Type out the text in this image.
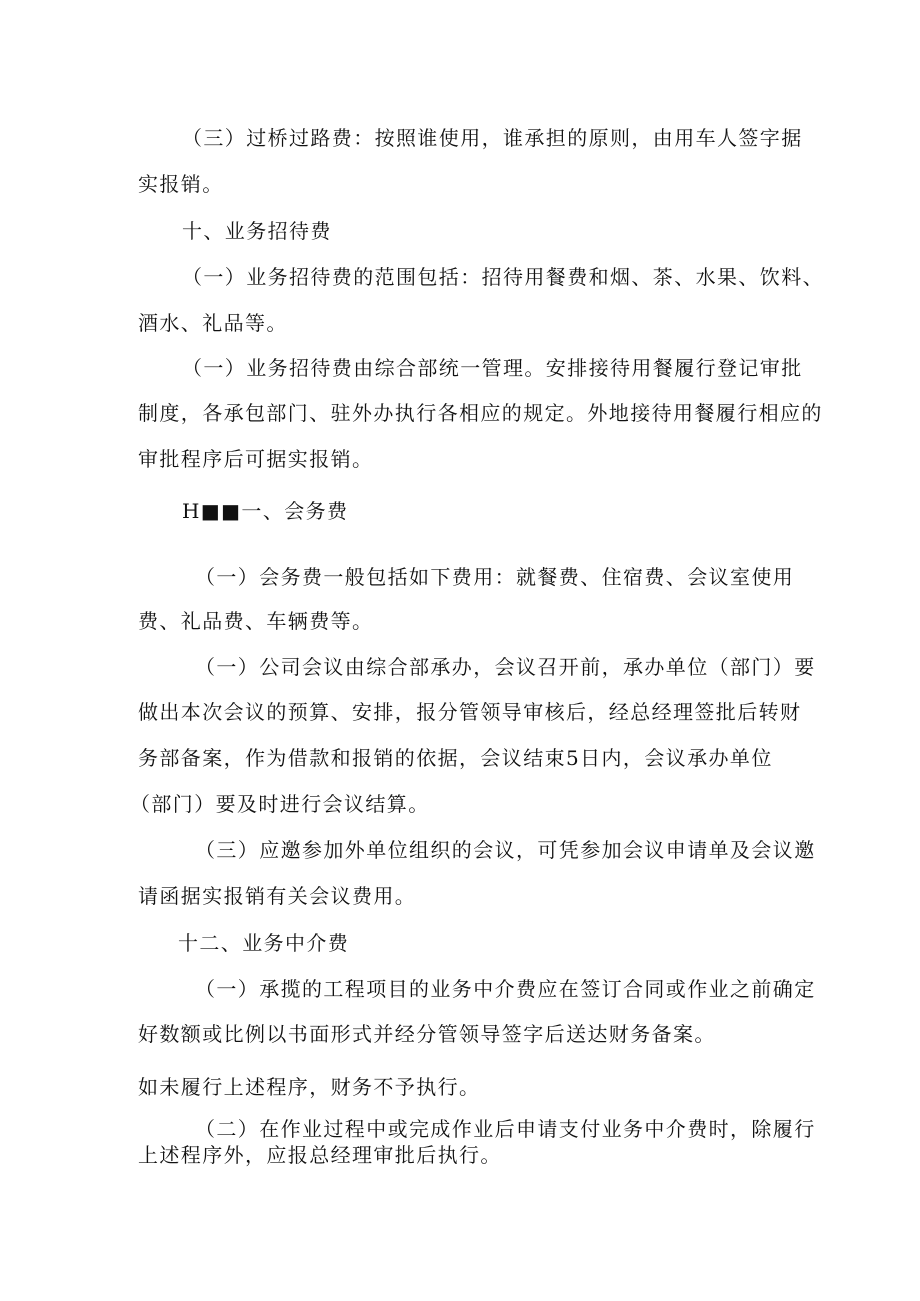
（三）过桥过路费：按照谁使用，谁承担的原则，由用车人签字据
实报销。
十、业务招待费
（一）业务招待费的范围包括：招待用餐费和烟、茶、水果、饮料、
酒水、礼品等。
（一）业务招待费由综合部统一管理。安排接待用餐履行登记审批
制度，各承包部门、驻外办执行各相应的规定。外地接待用餐履行相应的
审批程序后可据实报销。
H■■一、会务费
（一）会务费一般包括如下费用：就餐费、住宿费、会议室使用
费、礼品费、车辆费等。
（一）公司会议由综合部承办，会议召开前，承办单位（部门）要
做出本次会议的预算、安排，报分管领导审核后，经总经理签批后转财
务部备案，作为借款和报销的依据，会议结束5日内，会议承办单位
（部门）要及时进行会议结算。
（三）应邀参加外单位组织的会议，可凭参加会议申请单及会议邀
请函据实报销有关会议费用。
十二、业务中介费
（一）承揽的工程项目的业务中介费应在签订合同或作业之前确定
好数额或比例以书面形式并经分管领导签字后送达财务备案。
如未履行上述程序，财务不予执行。
（二）在作业过程中或完成作业后申请支付业务中介费时，除履行
上述程序外，应报总经理审批后执行。
